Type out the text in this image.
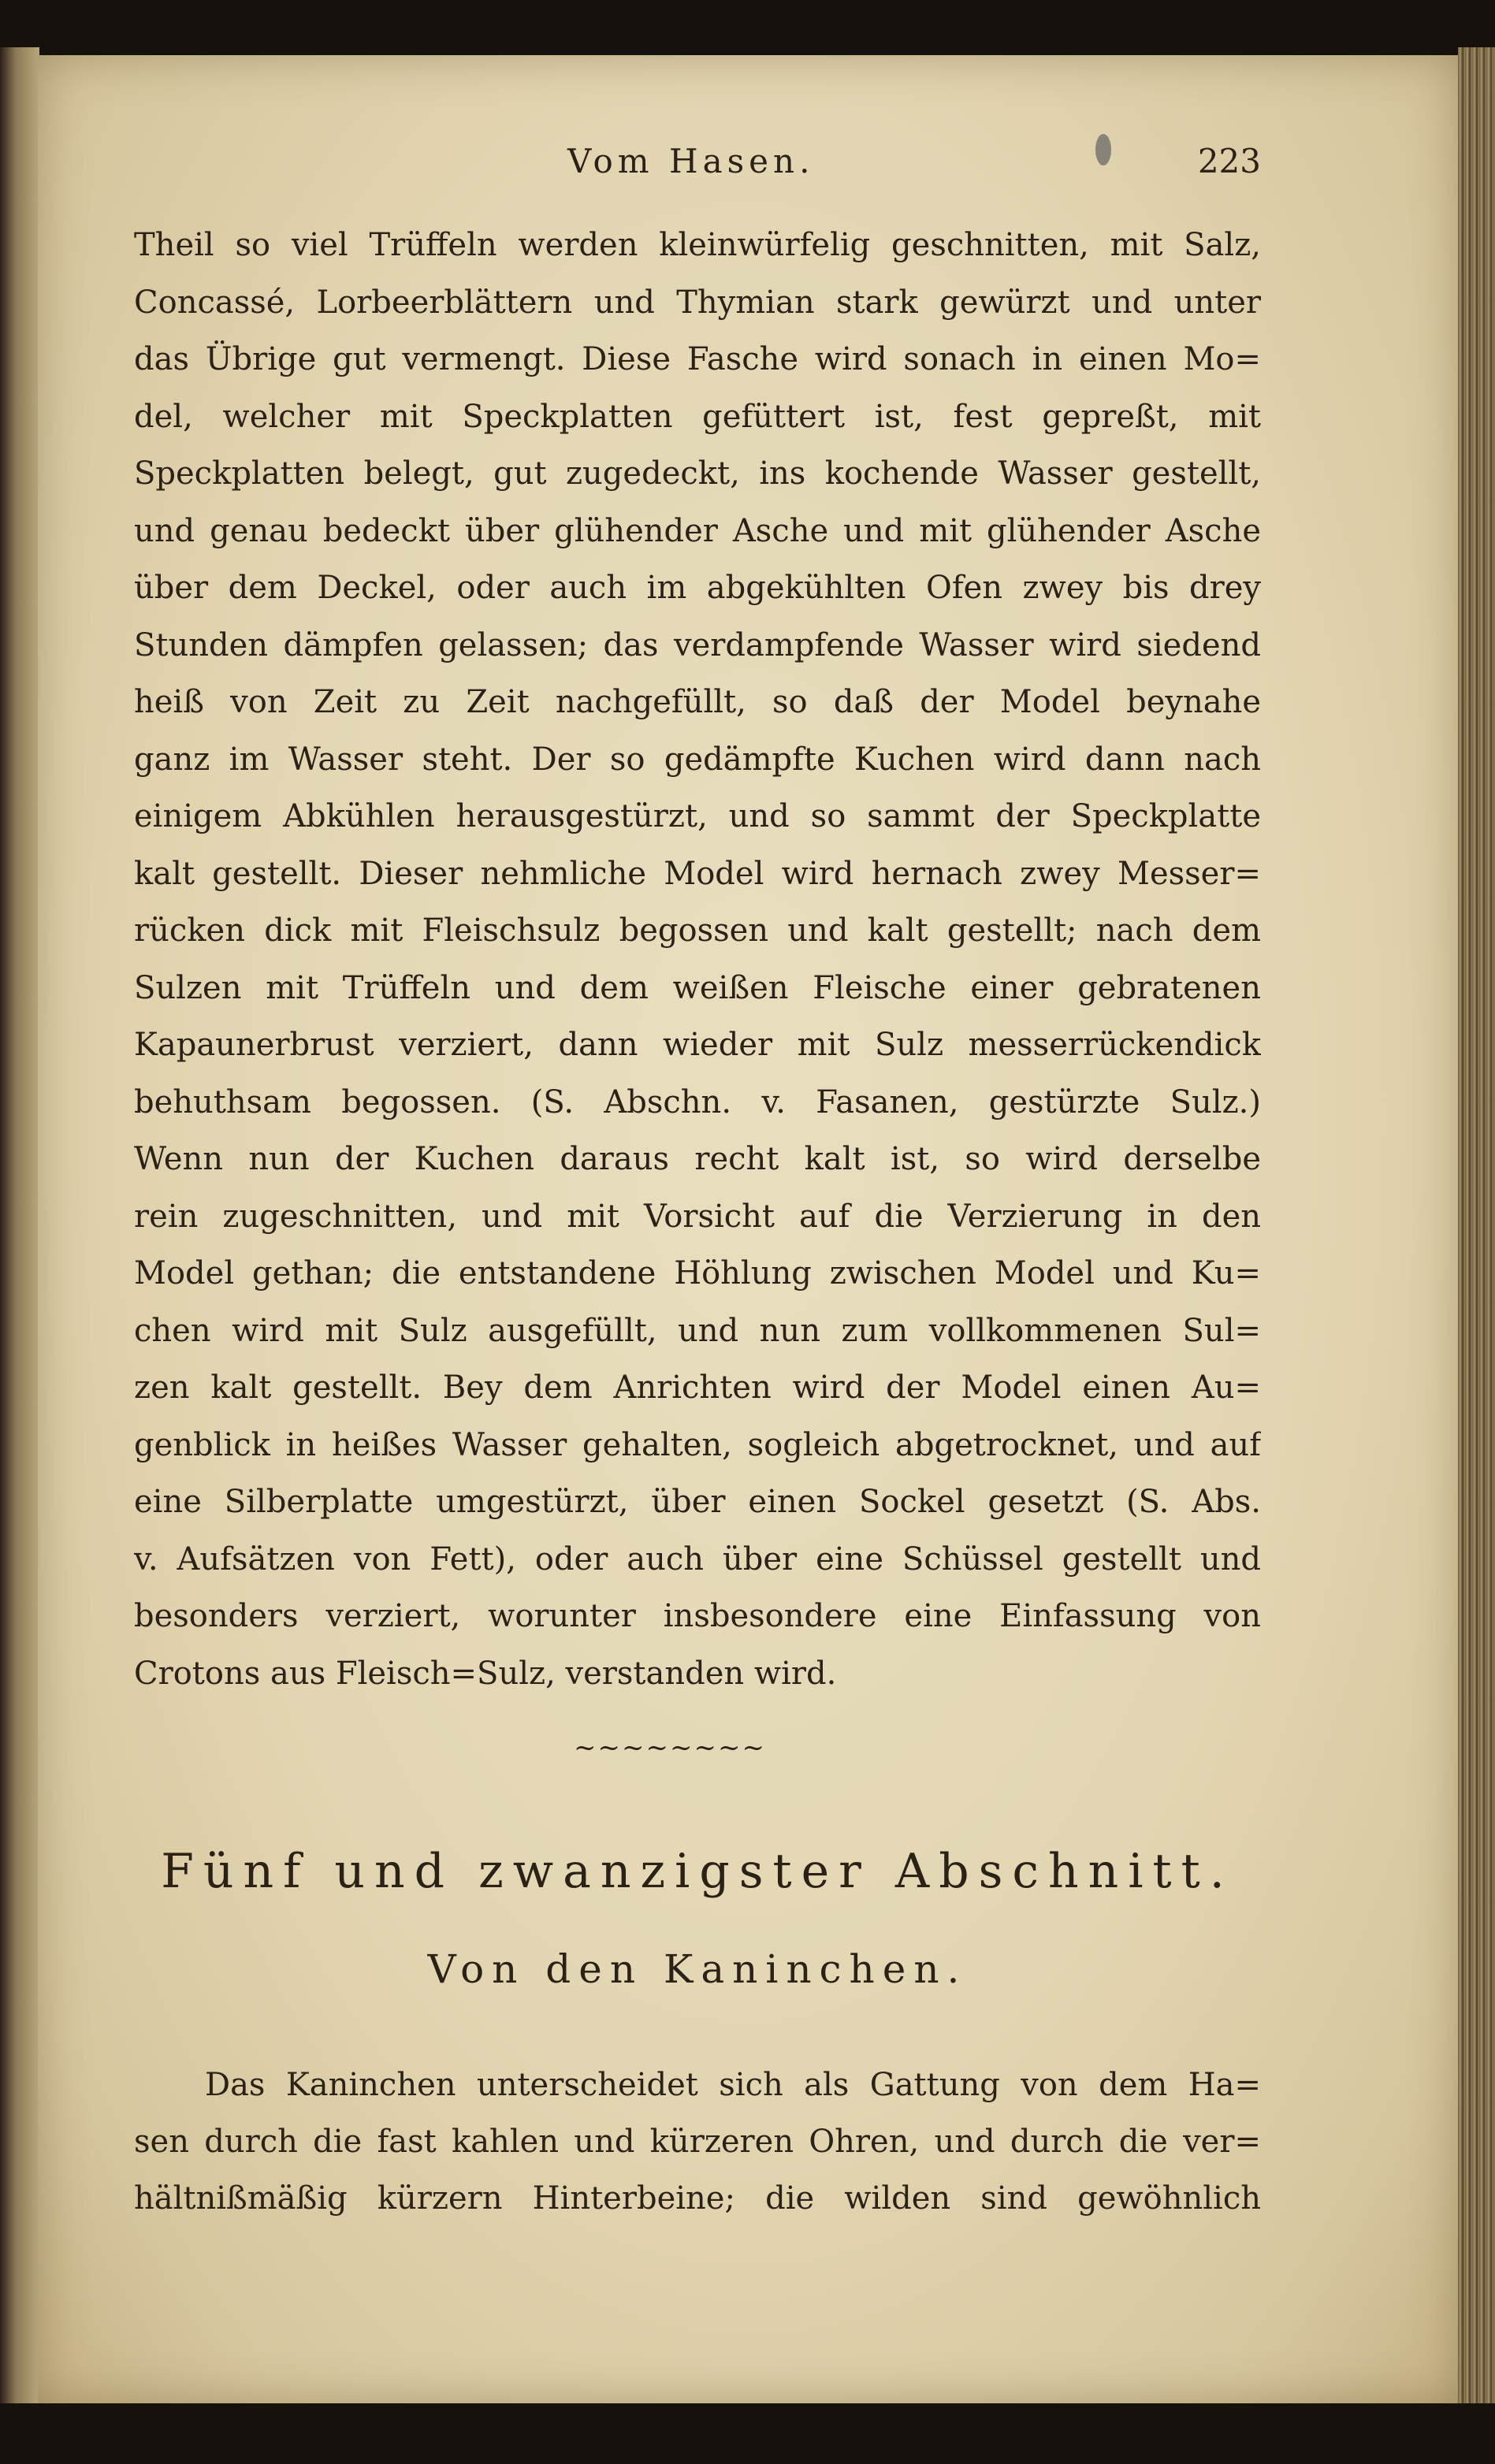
Vom Hasen.	223
Theil so viel Trüffeln werden kleinwürfelig geschnitten, mit Salz,
Concassé, Lorbeerblättern und Thymian stark gewürzt und unter
das Übrige gut vermengt. Diese Fasche wird sonach in einen Mo=
del, welcher mit Speckplatten gefüttert ist, fest gepreßt, mit
Speckplatten belegt, gut zugedeckt, ins kochende Wasser gestellt,
und genau bedeckt über glühender Asche und mit glühender Asche
über dem Deckel, oder auch im abgekühlten Ofen zwey bis drey
Stunden dämpfen gelassen; das verdampfende Wasser wird siedend
heiß von Zeit zu Zeit nachgefüllt, so daß der Model beynahe
ganz im Wasser steht. Der so gedämpfte Kuchen wird dann nach
einigem Abkühlen herausgestürzt, und so sammt der Speckplatte
kalt gestellt. Dieser nehmliche Model wird hernach zwey Messer=
rücken dick mit Fleischsulz begossen und kalt gestellt; nach dem
Sulzen mit Trüffeln und dem weißen Fleische einer gebratenen
Kapaunerbrust verziert, dann wieder mit Sulz messerrückendick
behuthsam begossen. (S. Abschn. v. Fasanen, gestürzte Sulz.)
Wenn nun der Kuchen daraus recht kalt ist, so wird derselbe
rein zugeschnitten, und mit Vorsicht auf die Verzierung in den
Model gethan; die entstandene Höhlung zwischen Model und Ku=
chen wird mit Sulz ausgefüllt, und nun zum vollkommenen Sul=
zen kalt gestellt. Bey dem Anrichten wird der Model einen Au=
genblick in heißes Wasser gehalten, sogleich abgetrocknet, und auf
eine Silberplatte umgestürzt, über einen Sockel gesetzt (S. Abs.
v. Aufsätzen von Fett), oder auch über eine Schüssel gestellt und
besonders verziert, worunter insbesondere eine Einfassung von
Crotons aus Fleisch=Sulz, verstanden wird.
~~~~~~~~
Fünf und zwanzigster Abschnitt.
Von den Kaninchen.
Das Kaninchen unterscheidet sich als Gattung von dem Ha=
sen durch die fast kahlen und kürzeren Ohren, und durch die ver=
hältnißmäßig kürzern Hinterbeine; die wilden sind gewöhnlich
